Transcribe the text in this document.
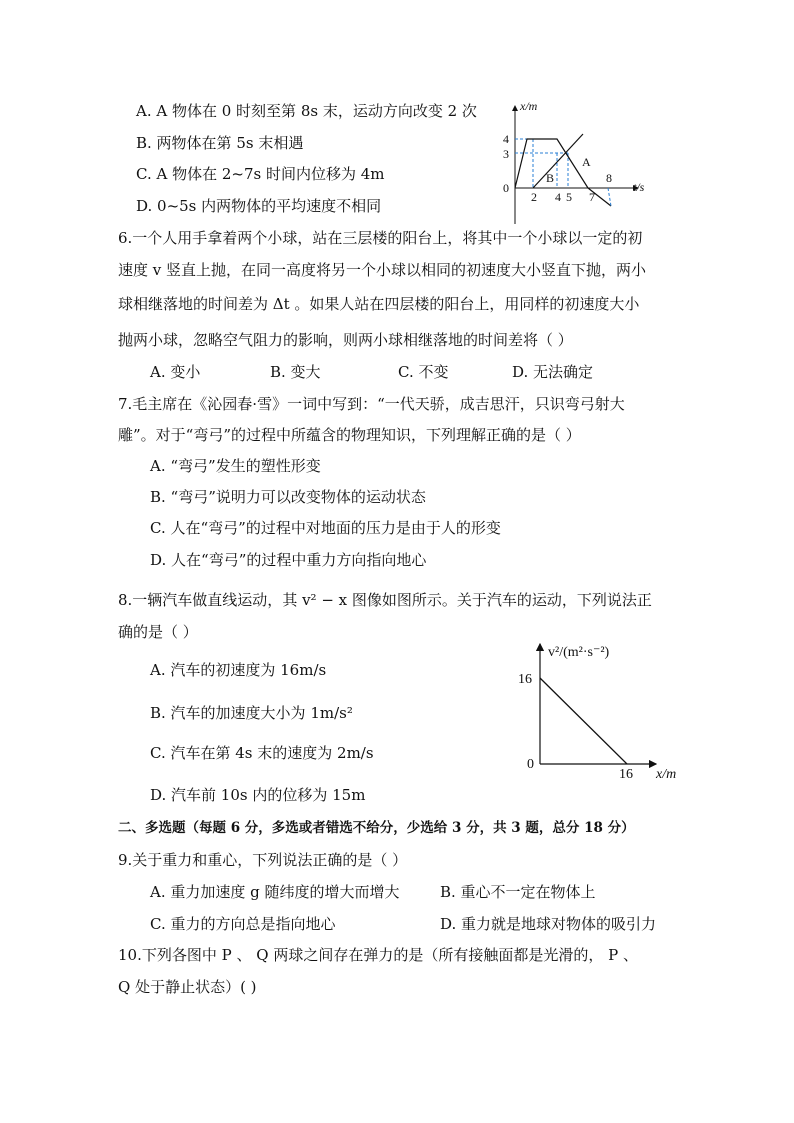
A. A 物体在 0 时刻至第 8s 末，运动方向改变 2 次
B. 两物体在第 5s 末相遇
C. A 物体在 2~7s 时间内位移为 4m
D. 0~5s 内两物体的平均速度不相同
x/m
t/s
4
3
0
2 4 5 7
8
A
B
6.一个人用手拿着两个小球，站在三层楼的阳台上，将其中一个小球以一定的初
速度 v 竖直上抛，在同一高度将另一个小球以相同的初速度大小竖直下抛，两小
球相继落地的时间差为 Δt 。如果人站在四层楼的阳台上，用同样的初速度大小
抛两小球，忽略空气阻力的影响，则两小球相继落地的时间差将（ ）
A. 变小	B. 变大	C. 不变	D. 无法确定
7.毛主席在《沁园春·雪》一词中写到：“一代天骄，成吉思汗，只识弯弓射大
雕”。对于“弯弓”的过程中所蕴含的物理知识，下列理解正确的是（ ）
A. “弯弓”发生的塑性形变
B. “弯弓”说明力可以改变物体的运动状态
C. 人在“弯弓”的过程中对地面的压力是由于人的形变
D. 人在“弯弓”的过程中重力方向指向地心
8.一辆汽车做直线运动，其 v² − x 图像如图所示。关于汽车的运动，下列说法正
确的是（ ）
A. 汽车的初速度为 16m/s
B. 汽车的加速度大小为 1m/s²
C. 汽车在第 4s 末的速度为 2m/s
D. 汽车前 10s 内的位移为 15m
v²/(m²·s⁻²)
x/m
16
16
0
二、多选题（每题 6 分，多选或者错选不给分，少选给 3 分，共 3 题，总分 18 分）
9.关于重力和重心，下列说法正确的是（ ）
A. 重力加速度 g 随纬度的增大而增大	B. 重心不一定在物体上
C. 重力的方向总是指向地心	D. 重力就是地球对物体的吸引力
10.下列各图中 P 、 Q 两球之间存在弹力的是（所有接触面都是光滑的， P 、
Q 处于静止状态）( )
